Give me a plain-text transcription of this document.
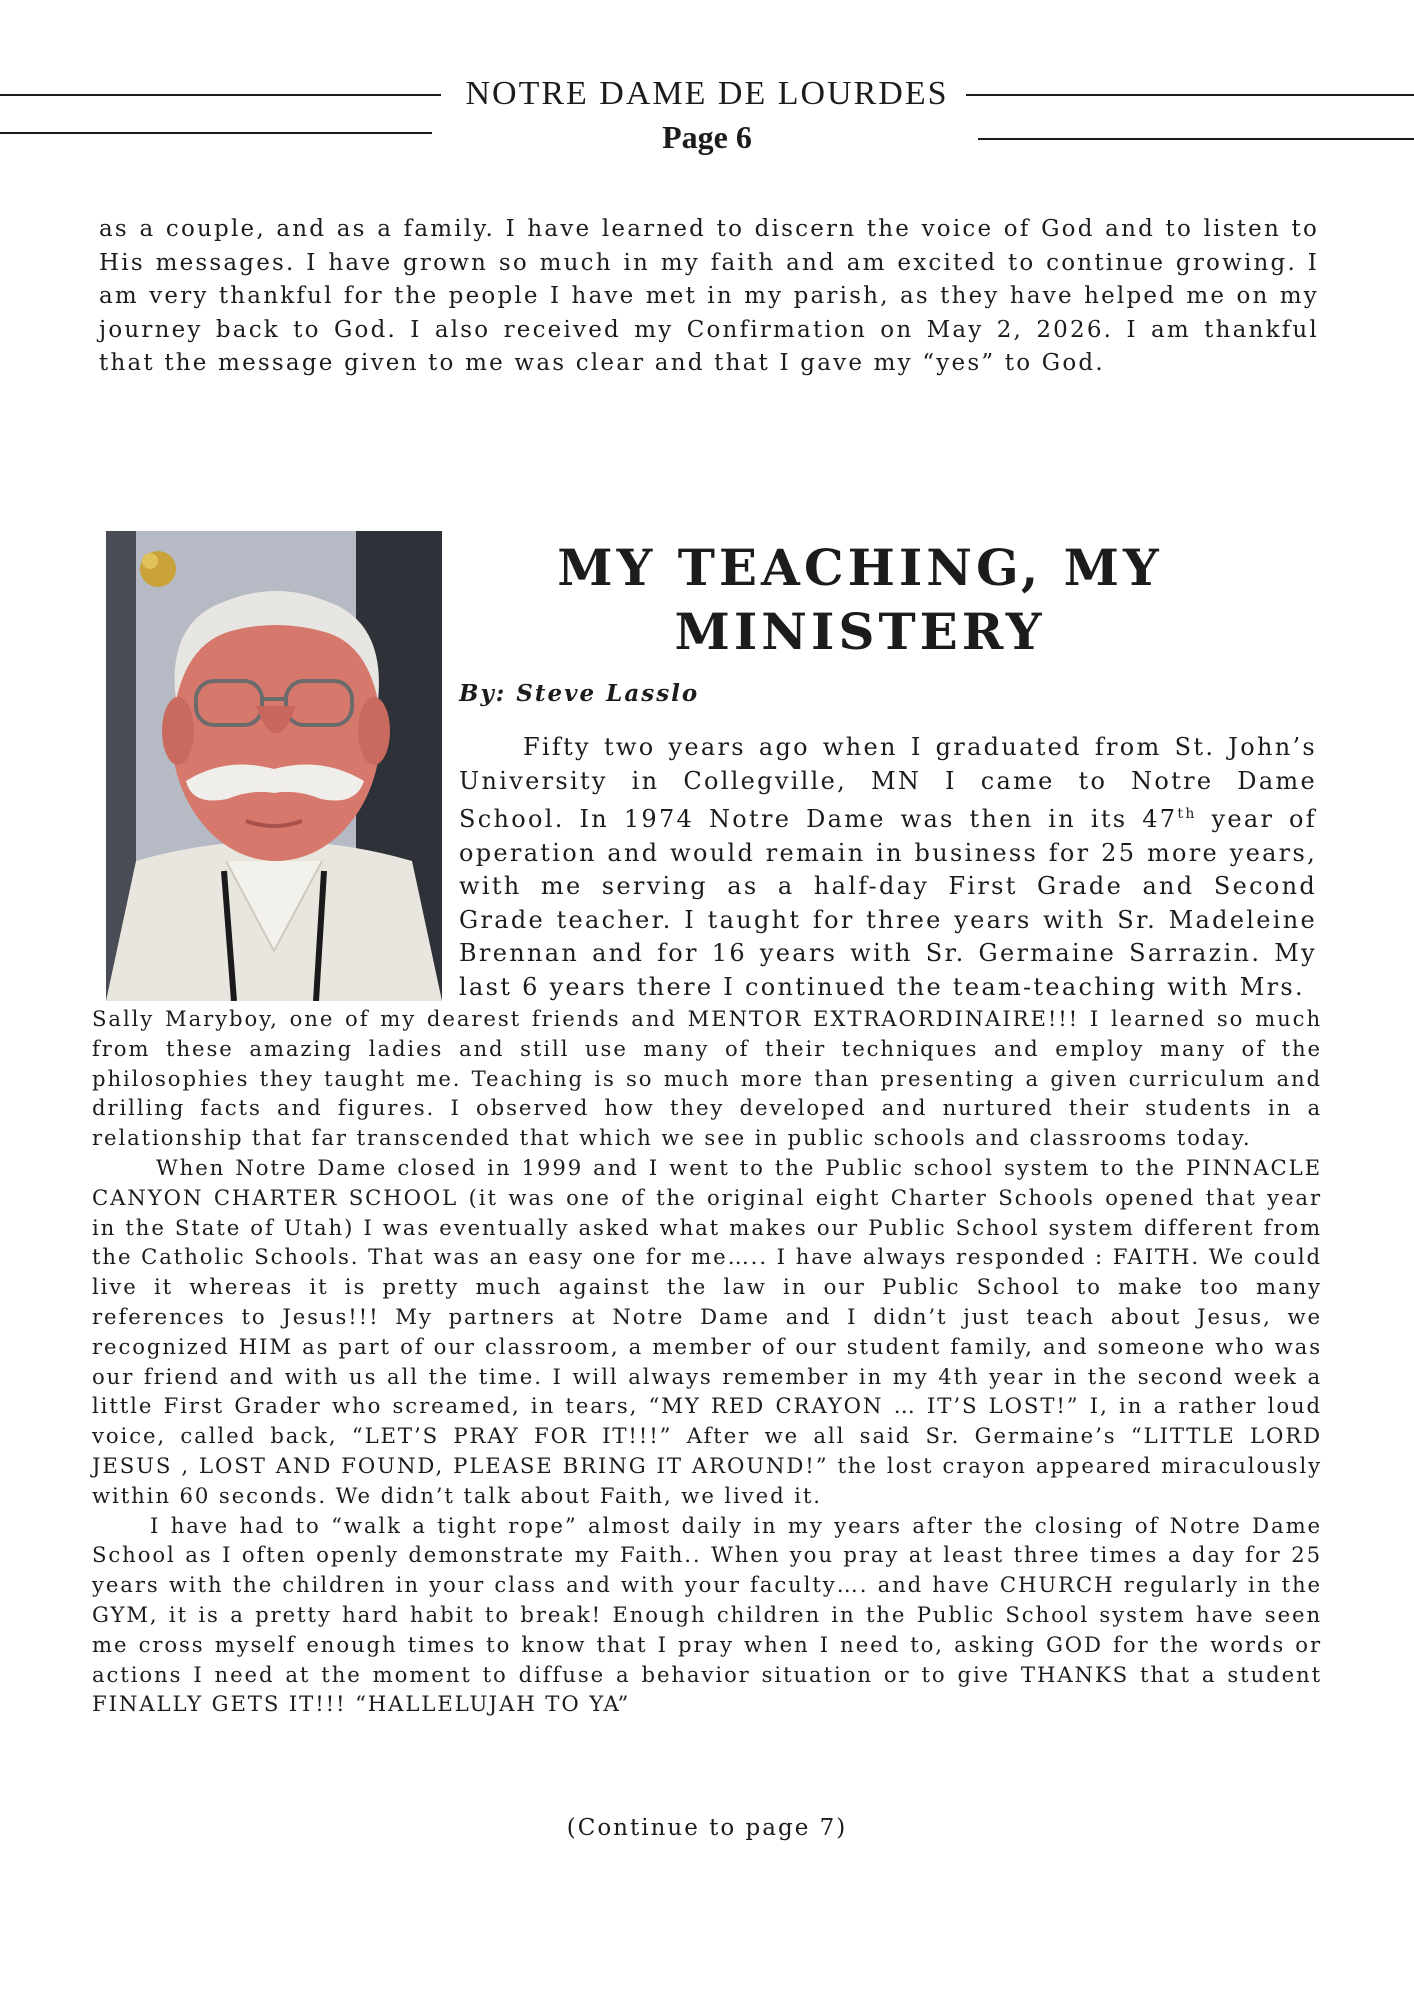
NOTRE DAME DE LOURDES
Page 6

as a couple, and as a family. I have learned to discern the voice of God and to listen to His messages. I have grown so much in my faith and am excited to continue growing. I am very thankful for the people I have met in my parish, as they have helped me on my journey back to God. I also received my Confirmation on May 2, 2026. I am thankful that the message given to me was clear and that I gave my “yes” to God.

MY TEACHING, MY MINISTERY
By: Steve Lasslo

Fifty two years ago when I graduated from St. John’s University in Collegville, MN I came to Notre Dame School. In 1974 Notre Dame was then in its 47th year of operation and would remain in business for 25 more years, with me serving as a half-day First Grade and Second Grade teacher. I taught for three years with Sr. Madeleine Brennan and for 16 years with Sr. Germaine Sarrazin. My last 6 years there I continued the team-teaching with Mrs.

Sally Maryboy, one of my dearest friends and MENTOR EXTRAORDINAIRE!!! I learned so much from these amazing ladies and still use many of their techniques and employ many of the philosophies they taught me. Teaching is so much more than presenting a given curriculum and drilling facts and figures. I observed how they developed and nurtured their students in a relationship that far transcended that which we see in public schools and classrooms today.

When Notre Dame closed in 1999 and I went to the Public school system to the PINNACLE CANYON CHARTER SCHOOL (it was one of the original eight Charter Schools opened that year in the State of Utah) I was eventually asked what makes our Public School system different from the Catholic Schools. That was an easy one for me….. I have always responded : FAITH. We could live it whereas it is pretty much against the law in our Public School to make too many references to Jesus!!! My partners at Notre Dame and I didn’t just teach about Jesus, we recognized HIM as part of our classroom, a member of our student family, and someone who was our friend and with us all the time. I will always remember in my 4th year in the second week a little First Grader who screamed, in tears, “MY RED CRAYON … IT’S LOST!” I, in a rather loud voice, called back, “LET’S PRAY FOR IT!!!” After we all said Sr. Germaine’s “LITTLE LORD JESUS , LOST AND FOUND, PLEASE BRING IT AROUND!” the lost crayon appeared miraculously within 60 seconds. We didn’t talk about Faith, we lived it.

I have had to “walk a tight rope” almost daily in my years after the closing of Notre Dame School as I often openly demonstrate my Faith.. When you pray at least three times a day for 25 years with the children in your class and with your faculty…. and have CHURCH regularly in the GYM, it is a pretty hard habit to break! Enough children in the Public School system have seen me cross myself enough times to know that I pray when I need to, asking GOD for the words or actions I need at the moment to diffuse a behavior situation or to give THANKS that a student FINALLY GETS IT!!! “HALLELUJAH TO YA”

(Continue to page 7)
